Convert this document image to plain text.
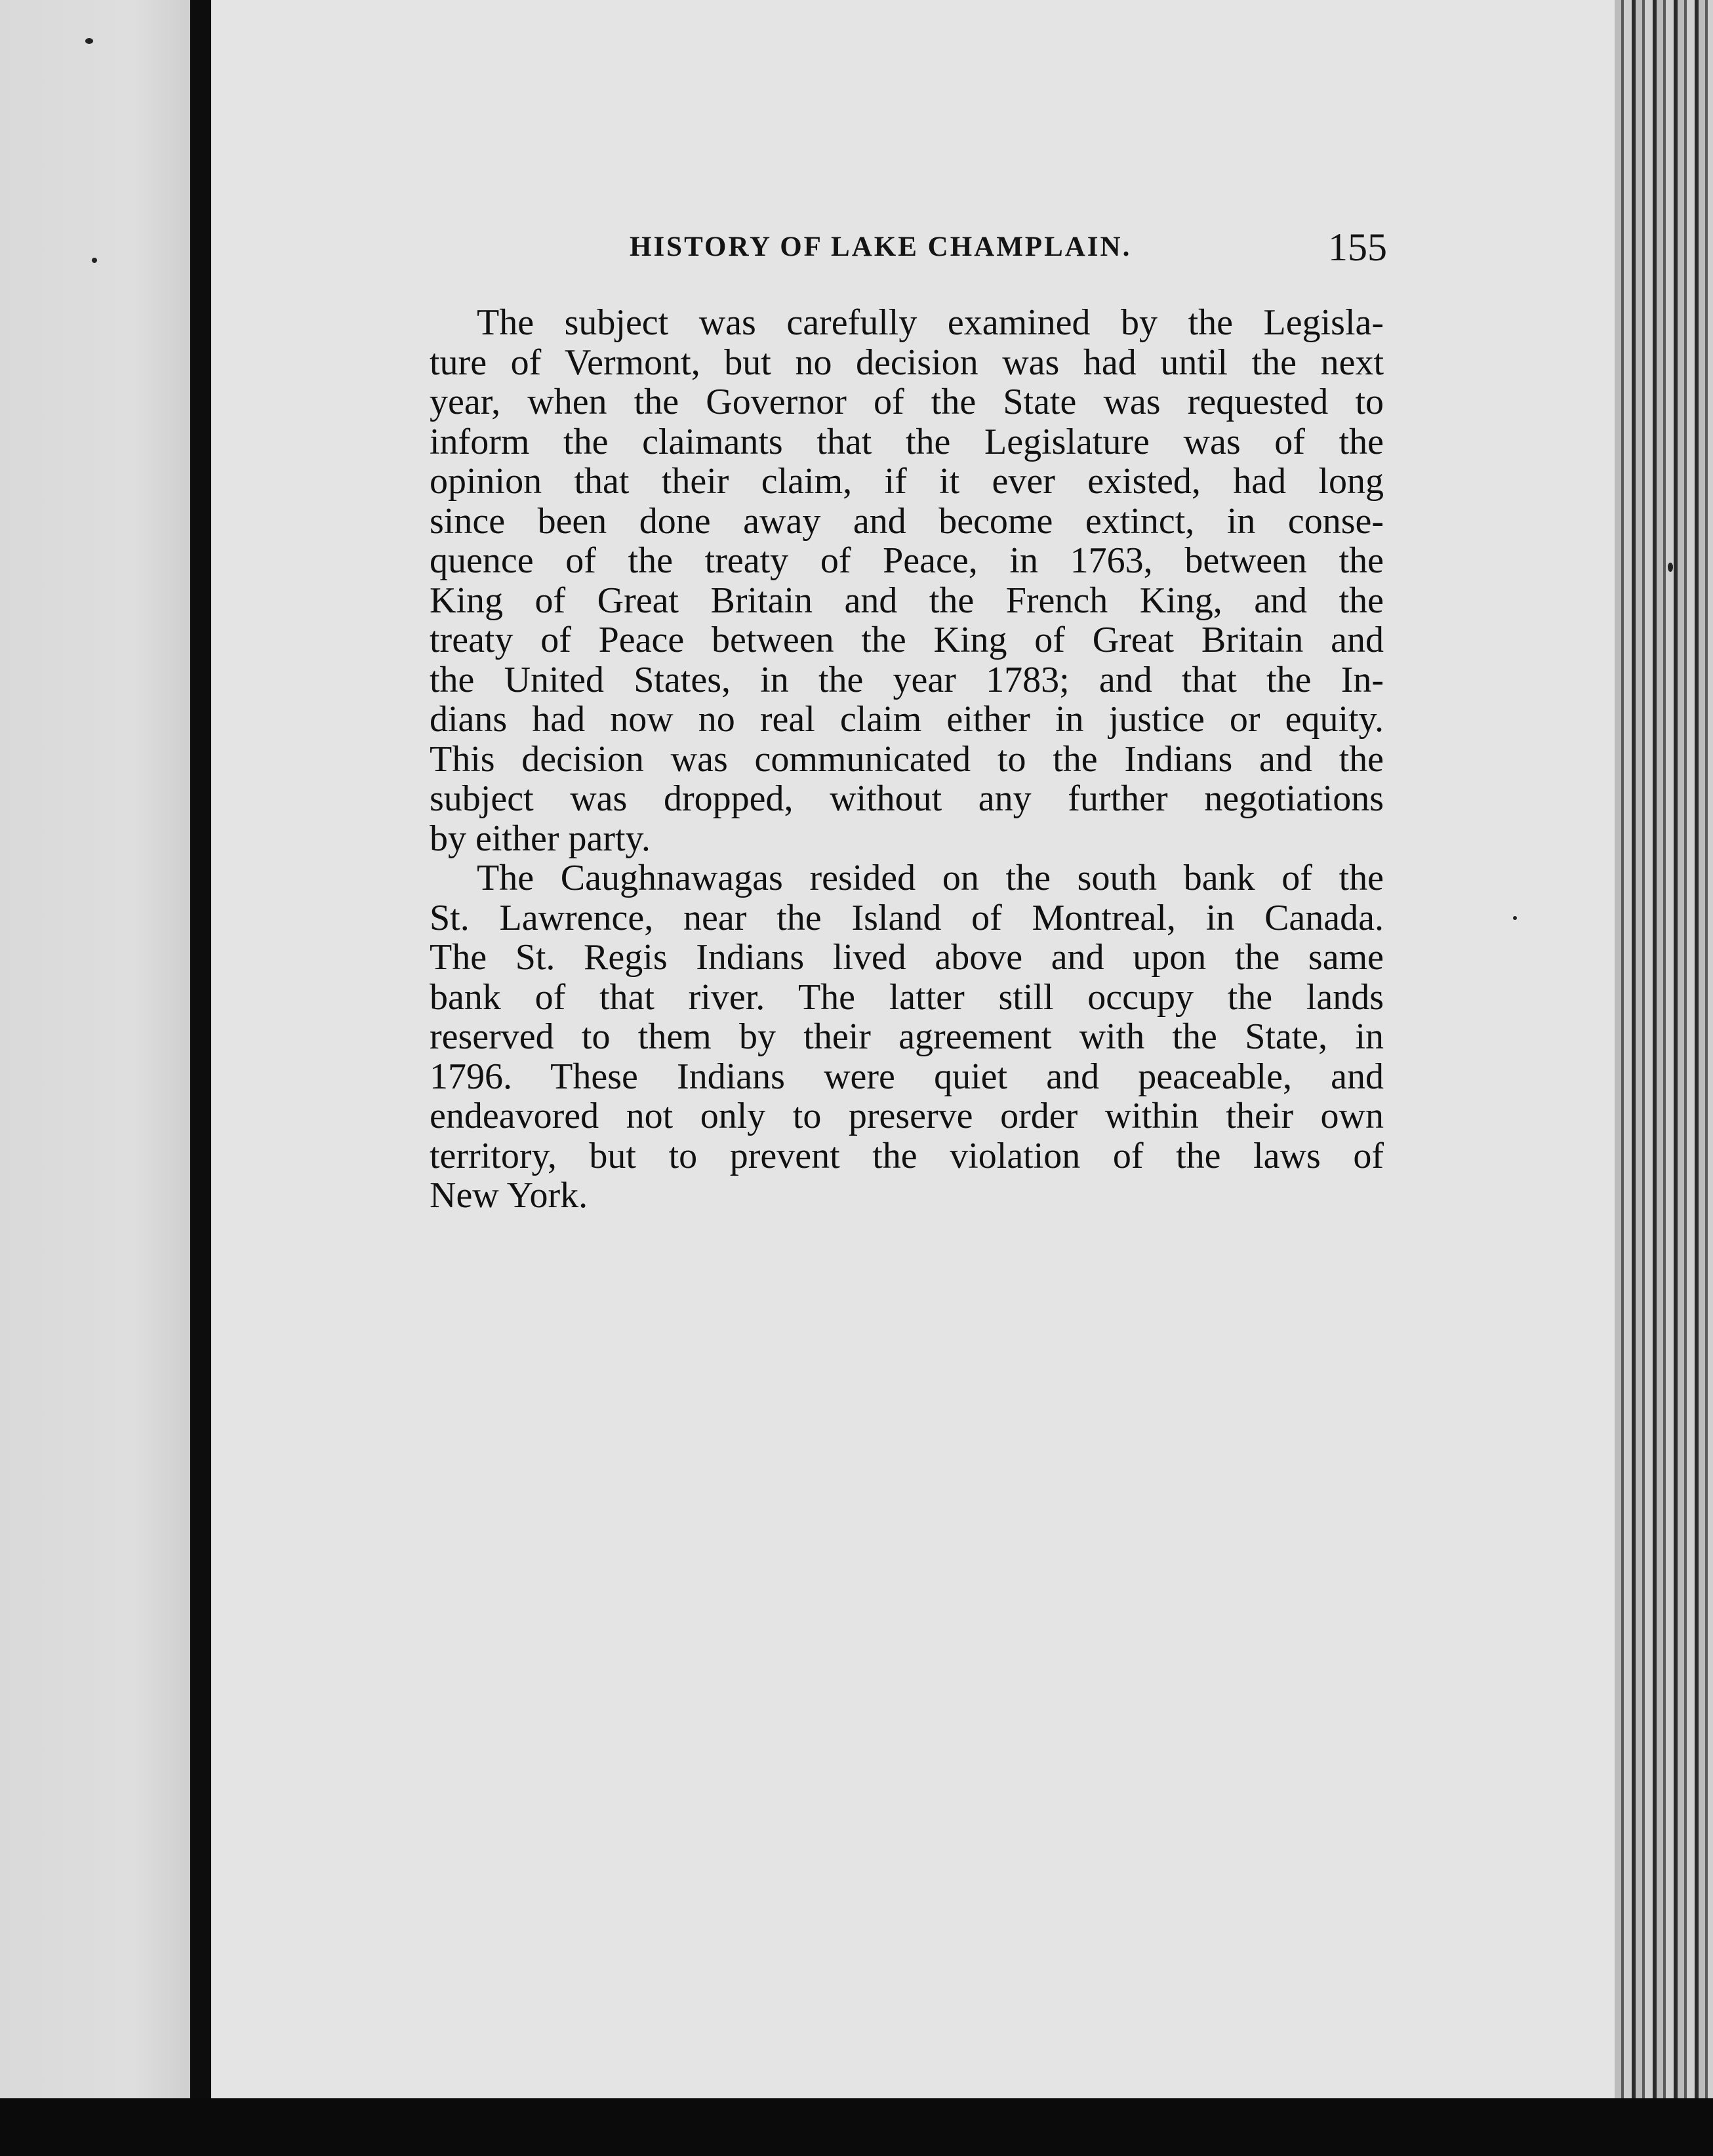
HISTORY OF LAKE CHAMPLAIN.	155
The subject was carefully examined by the Legisla-
ture of Vermont, but no decision was had until the next
year, when the Governor of the State was requested to
inform the claimants that the Legislature was of the
opinion that their claim, if it ever existed, had long
since been done away and become extinct, in conse-
quence of the treaty of Peace, in 1763, between the
King of Great Britain and the French King, and the
treaty of Peace between the King of Great Britain and
the United States, in the year 1783; and that the In-
dians had now no real claim either in justice or equity.
This decision was communicated to the Indians and the
subject was dropped, without any further negotiations
by either party.
The Caughnawagas resided on the south bank of the
St. Lawrence, near the Island of Montreal, in Canada.
The St. Regis Indians lived above and upon the same
bank of that river. The latter still occupy the lands
reserved to them by their agreement with the State, in
1796. These Indians were quiet and peaceable, and
endeavored not only to preserve order within their own
territory, but to prevent the violation of the laws of
New York.
